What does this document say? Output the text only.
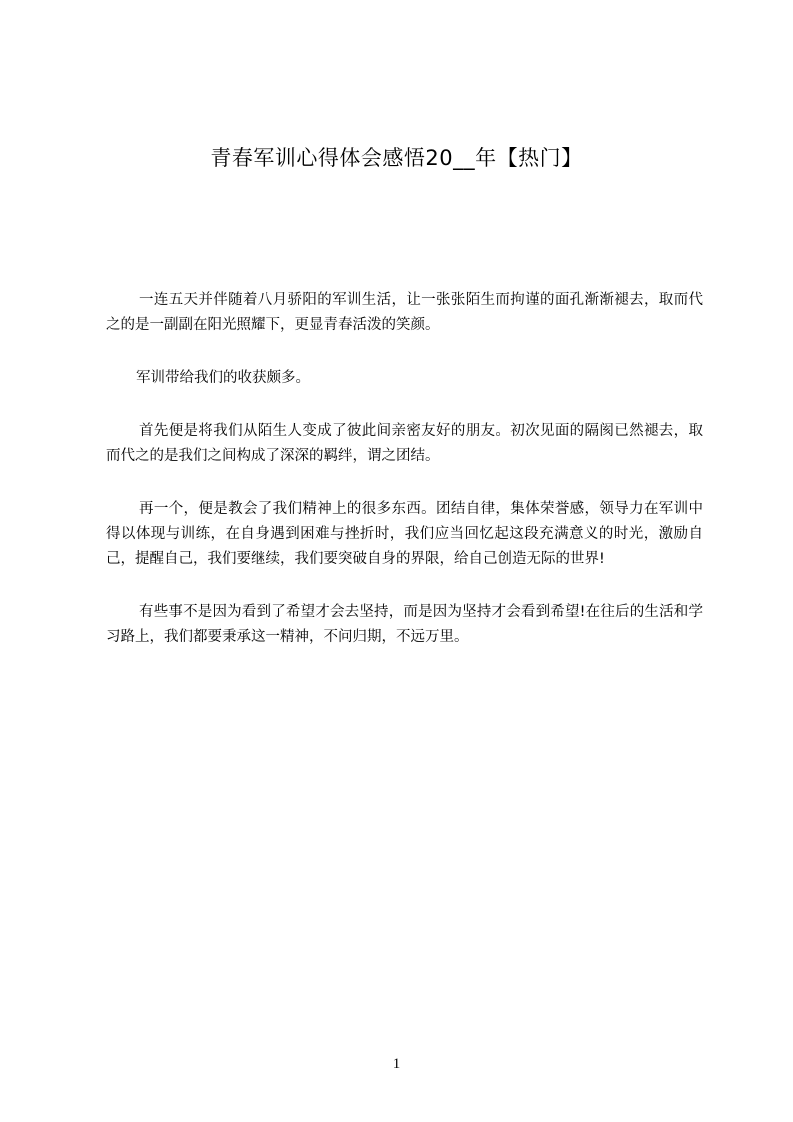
青春军训心得体会感悟20__年【热门】

一连五天并伴随着八月骄阳的军训生活，让一张张陌生而拘谨的面孔渐渐褪去，取而代之的是一副副在阳光照耀下，更显青春活泼的笑颜。

军训带给我们的收获颇多。

首先便是将我们从陌生人变成了彼此间亲密友好的朋友。初次见面的隔阂已然褪去，取而代之的是我们之间构成了深深的羁绊，谓之团结。

再一个，便是教会了我们精神上的很多东西。团结自律，集体荣誉感，领导力在军训中得以体现与训练，在自身遇到困难与挫折时，我们应当回忆起这段充满意义的时光，激励自己，提醒自己，我们要继续，我们要突破自身的界限，给自己创造无际的世界!

有些事不是因为看到了希望才会去坚持，而是因为坚持才会看到希望!在往后的生活和学习路上，我们都要秉承这一精神，不问归期，不远万里。

1
